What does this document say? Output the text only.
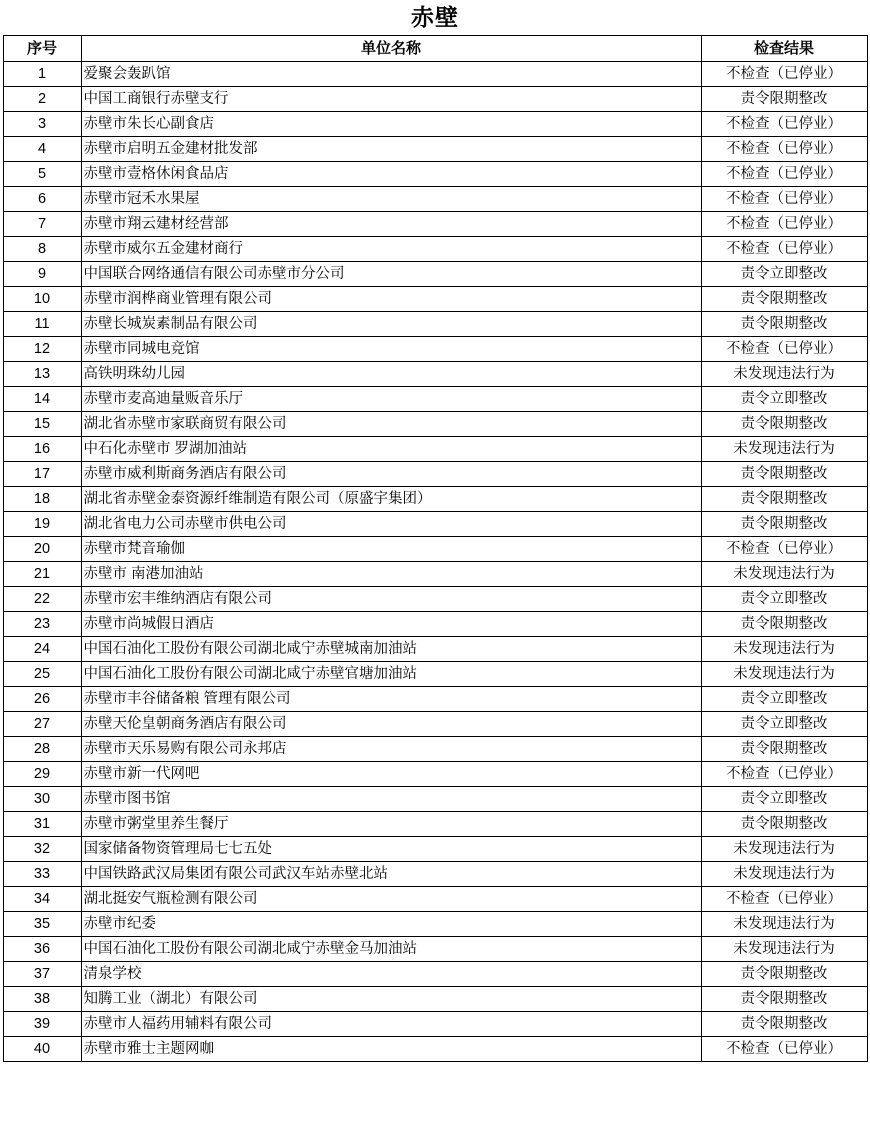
赤壁
序号	单位名称	检查结果
1	爱聚会轰趴馆	不检查（已停业）
2	中国工商银行赤壁支行	责令限期整改
3	赤壁市朱长心副食店	不检查（已停业）
4	赤壁市启明五金建材批发部	不检查（已停业）
5	赤壁市壹格休闲食品店	不检查（已停业）
6	赤壁市冠禾水果屋	不检查（已停业）
7	赤壁市翔云建材经营部	不检查（已停业）
8	赤壁市威尔五金建材商行	不检查（已停业）
9	中国联合网络通信有限公司赤壁市分公司	责令立即整改
10	赤壁市润桦商业管理有限公司	责令限期整改
11	赤壁长城炭素制品有限公司	责令限期整改
12	赤壁市同城电竞馆	不检查（已停业）
13	高铁明珠幼儿园	未发现违法行为
14	赤壁市麦高迪量贩音乐厅	责令立即整改
15	湖北省赤壁市家联商贸有限公司	责令限期整改
16	中石化赤壁市 罗湖加油站	未发现违法行为
17	赤壁市威利斯商务酒店有限公司	责令限期整改
18	湖北省赤壁金泰资源纤维制造有限公司（原盛宇集团）	责令限期整改
19	湖北省电力公司赤壁市供电公司	责令限期整改
20	赤壁市梵音瑜伽	不检查（已停业）
21	赤壁市 南港加油站	未发现违法行为
22	赤壁市宏丰维纳酒店有限公司	责令立即整改
23	赤壁市尚城假日酒店	责令限期整改
24	中国石油化工股份有限公司湖北咸宁赤壁城南加油站	未发现违法行为
25	中国石油化工股份有限公司湖北咸宁赤壁官塘加油站	未发现违法行为
26	赤壁市丰谷储备粮 管理有限公司	责令立即整改
27	赤壁天伦皇朝商务酒店有限公司	责令立即整改
28	赤壁市天乐易购有限公司永邦店	责令限期整改
29	赤壁市新一代网吧	不检查（已停业）
30	赤壁市图书馆	责令立即整改
31	赤壁市粥堂里养生餐厅	责令限期整改
32	国家储备物资管理局七七五处	未发现违法行为
33	中国铁路武汉局集团有限公司武汉车站赤壁北站	未发现违法行为
34	湖北挺安气瓶检测有限公司	不检查（已停业）
35	赤壁市纪委	未发现违法行为
36	中国石油化工股份有限公司湖北咸宁赤壁金马加油站	未发现违法行为
37	清泉学校	责令限期整改
38	知腾工业（湖北）有限公司	责令限期整改
39	赤壁市人福药用辅料有限公司	责令限期整改
40	赤壁市雅士主题网咖	不检查（已停业）
